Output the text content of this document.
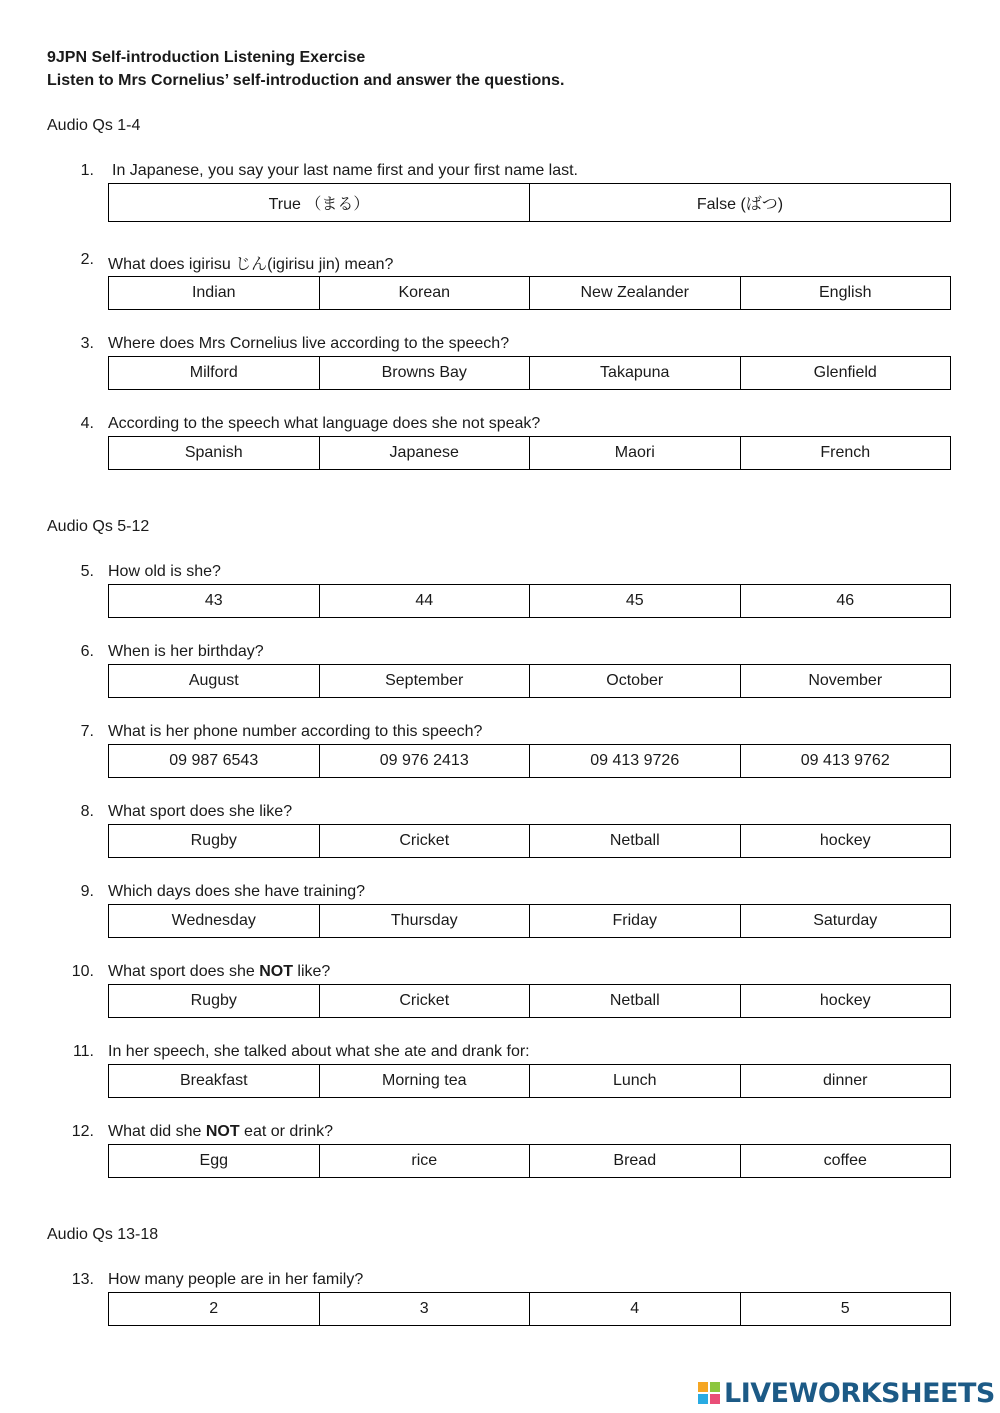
9JPN Self-introduction Listening Exercise
Listen to Mrs Cornelius’ self-introduction and answer the questions.
Audio Qs 1-4
Audio Qs 5-12
Audio Qs 13-18
1. In Japanese, you say your last name first and your first name last.
True （まる）	False (ばつ)
2. What does igirisu じん(igirisu jin) mean?
Indian	Korean	New Zealander	English
3. Where does Mrs Cornelius live according to the speech?
Milford	Browns Bay	Takapuna	Glenfield
4. According to the speech what language does she not speak?
Spanish	Japanese	Maori	French
5. How old is she?
43	44	45	46
6. When is her birthday?
August	September	October	November
7. What is her phone number according to this speech?
09 987 6543	09 976 2413	09 413 9726	09 413 9762
8. What sport does she like?
Rugby	Cricket	Netball	hockey
9. Which days does she have training?
Wednesday	Thursday	Friday	Saturday
10. What sport does she NOT like?
Rugby	Cricket	Netball	hockey
11. In her speech, she talked about what she ate and drank for:
Breakfast	Morning tea	Lunch	dinner
12. What did she NOT eat or drink?
Egg	rice	Bread	coffee
13. How many people are in her family?
2	3	4	5
LIVEWORKSHEETS
